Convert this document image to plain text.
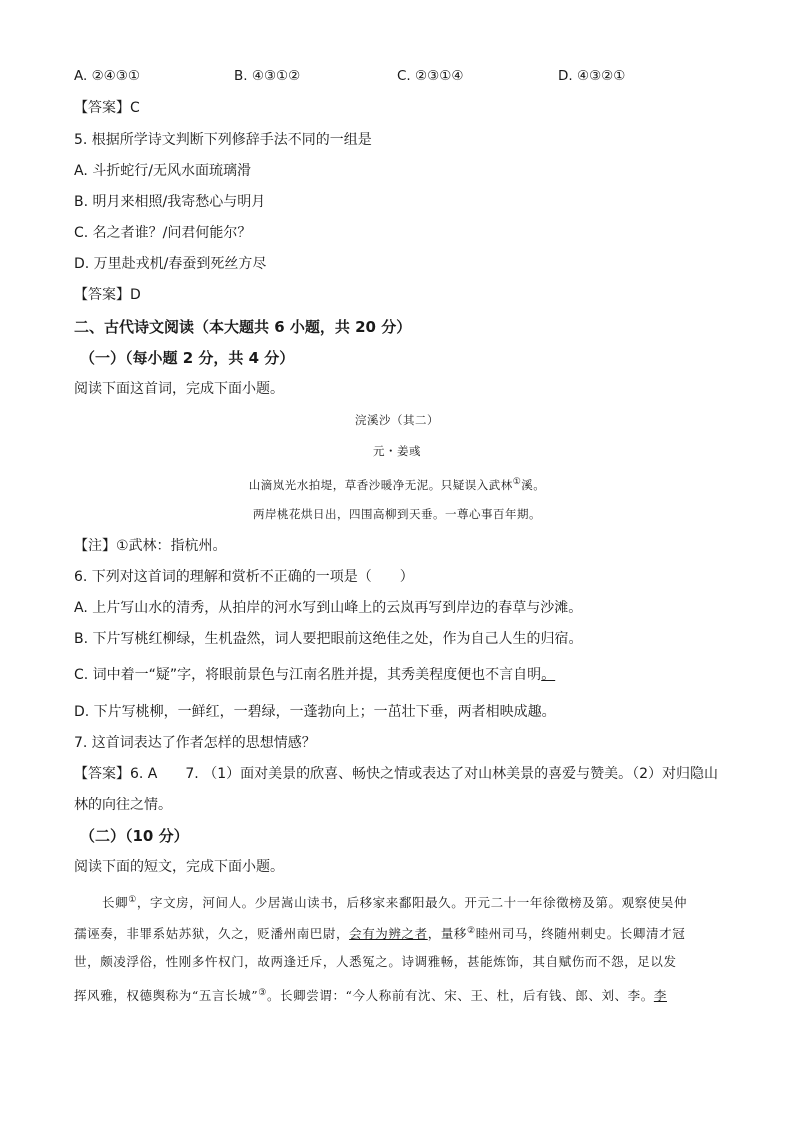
A. ②④③①	B. ④③①②	C. ②③①④	D. ④③②①
【答案】C
5. 根据所学诗文判断下列修辞手法不同的一组是
A. 斗折蛇行/无风水面琉璃滑
B. 明月来相照/我寄愁心与明月
C. 名之者谁？/问君何能尔？
D. 万里赴戎机/春蚕到死丝方尽
【答案】D
二、古代诗文阅读（本大题共 6 小题，共 20 分）
（一）（每小题 2 分，共 4 分）
阅读下面这首词，完成下面小题。
浣溪沙（其二）
元・姜彧
山滴岚光水拍堤，草香沙暖净无泥。只疑误入武林①溪。
两岸桃花烘日出，四围高柳到天垂。一尊心事百年期。
【注】①武林：指杭州。
6. 下列对这首词的理解和赏析不正确的一项是（　　）
A. 上片写山水的清秀，从拍岸的河水写到山峰上的云岚再写到岸边的春草与沙滩。
B. 下片写桃红柳绿，生机盎然，词人要把眼前这绝佳之处，作为自己人生的归宿。
C. 词中着一“疑”字，将眼前景色与江南名胜并提，其秀美程度便也不言自明。
D. 下片写桃柳，一鲜红，一碧绿，一蓬勃向上；一茁壮下垂，两者相映成趣。
7. 这首词表达了作者怎样的思想情感？
【答案】6. A　　7. （1）面对美景的欣喜、畅快之情或表达了对山林美景的喜爱与赞美。（2）对归隐山
林的向往之情。
（二）（10 分）
阅读下面的短文，完成下面小题。
长卿①，字文房，河间人。少居嵩山读书，后移家来鄱阳最久。开元二十一年徐徵榜及第。观察使吴仲
孺诬奏，非罪系姑苏狱，久之，贬潘州南巴尉，会有为辨之者，量移②睦州司马，终随州刺史。长卿清才冠
世，颇凌浮俗，性刚多忤权门，故两逢迁斥，人悉冤之。诗调雅畅，甚能炼饰，其自赋伤而不怨，足以发
挥风雅，权德舆称为“五言长城”③。长卿尝谓：“今人称前有沈、宋、王、杜，后有钱、郎、刘、李。李
